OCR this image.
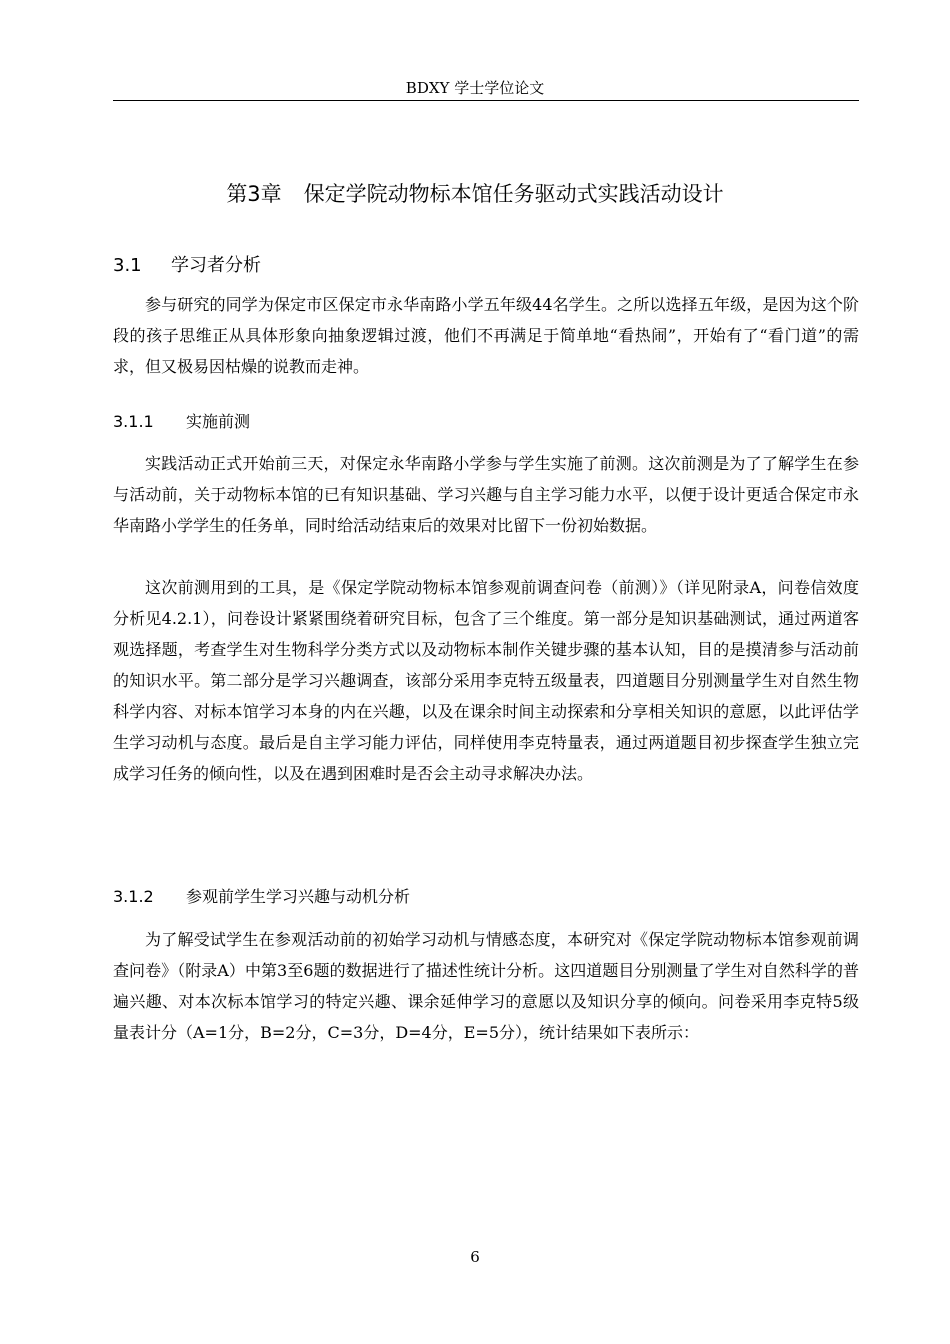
BDXY 学士学位论文
第3章 保定学院动物标本馆任务驱动式实践活动设计
3.1 学习者分析

参与研究的同学为保定市区保定市永华南路小学五年级44名学生。之所以选择五年级，是因为这个阶段的孩子思维正从具体形象向抽象逻辑过渡，他们不再满足于简单地“看热闹”，开始有了“看门道”的需求，但又极易因枯燥的说教而走神。

3.1.1 实施前测

实践活动正式开始前三天，对保定永华南路小学参与学生实施了前测。这次前测是为了了解学生在参与活动前，关于动物标本馆的已有知识基础、学习兴趣与自主学习能力水平，以便于设计更适合保定市永华南路小学学生的任务单，同时给活动结束后的效果对比留下一份初始数据。

这次前测用到的工具，是《保定学院动物标本馆参观前调查问卷（前测）》（详见附录A，问卷信效度分析见4.2.1），问卷设计紧紧围绕着研究目标，包含了三个维度。第一部分是知识基础测试，通过两道客观选择题，考查学生对生物科学分类方式以及动物标本制作关键步骤的基本认知，目的是摸清参与活动前的知识水平。第二部分是学习兴趣调查，该部分采用李克特五级量表，四道题目分别测量学生对自然生物科学内容、对标本馆学习本身的内在兴趣，以及在课余时间主动探索和分享相关知识的意愿，以此评估学生学习动机与态度。最后是自主学习能力评估，同样使用李克特量表，通过两道题目初步探查学生独立完成学习任务的倾向性，以及在遇到困难时是否会主动寻求解决办法。

3.1.2 参观前学生学习兴趣与动机分析

为了解受试学生在参观活动前的初始学习动机与情感态度，本研究对《保定学院动物标本馆参观前调查问卷》（附录A）中第3至6题的数据进行了描述性统计分析。这四道题目分别测量了学生对自然科学的普遍兴趣、对本次标本馆学习的特定兴趣、课余延伸学习的意愿以及知识分享的倾向。问卷采用李克特5级量表计分（A=1分，B=2分，C=3分，D=4分，E=5分），统计结果如下表所示：

6
